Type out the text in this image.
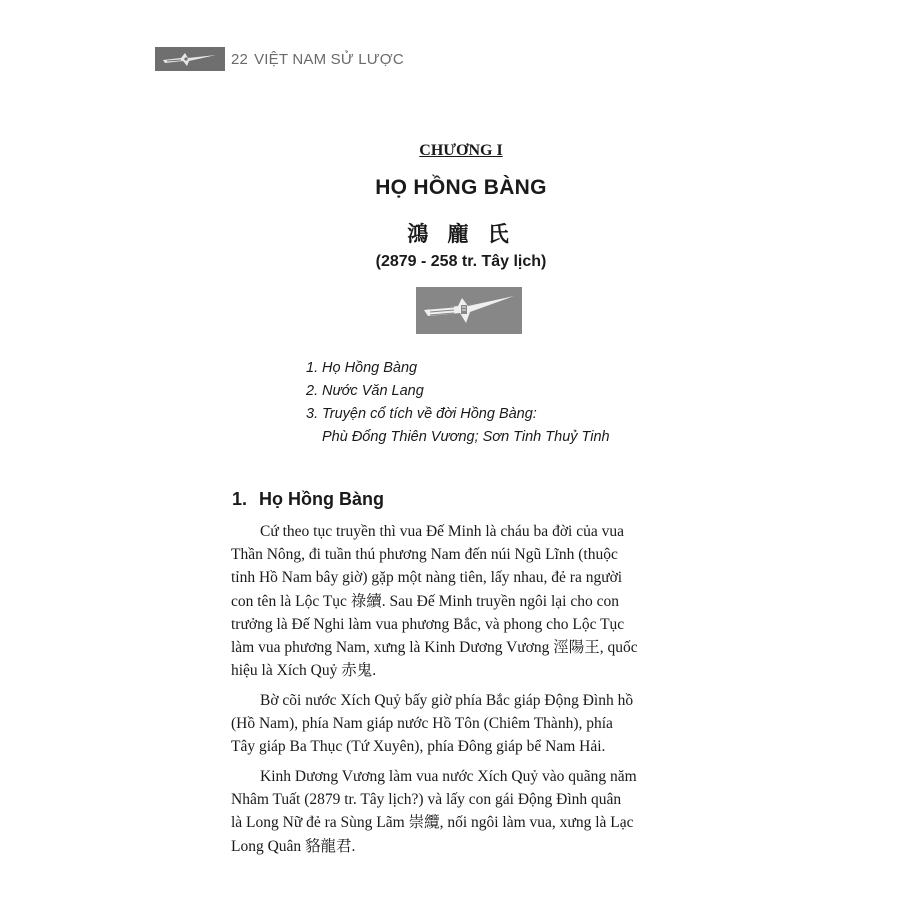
22 VIỆT NAM SỬ LƯỢC
CHƯƠNG I
HỌ HỒNG BÀNG
鴻 龐 氏
(2879 - 258 tr. Tây lịch)
1. Họ Hồng Bàng
2. Nước Văn Lang
3. Truyện cổ tích về đời Hồng Bàng:
Phù Đổng Thiên Vương; Sơn Tinh Thuỷ Tinh
1. Họ Hồng Bàng
Cứ theo tục truyền thì vua Đế Minh là cháu ba đời của vua
Thần Nông, đi tuần thú phương Nam đến núi Ngũ Lĩnh (thuộc
tỉnh Hồ Nam bây giờ) gặp một nàng tiên, lấy nhau, đẻ ra người
con tên là Lộc Tục 祿續. Sau Đế Minh truyền ngôi lại cho con
trưởng là Đế Nghi làm vua phương Bắc, và phong cho Lộc Tục
làm vua phương Nam, xưng là Kinh Dương Vương 涇陽王, quốc
hiệu là Xích Quỷ 赤鬼.
Bờ cõi nước Xích Quỷ bấy giờ phía Bắc giáp Động Đình hồ
(Hồ Nam), phía Nam giáp nước Hồ Tôn (Chiêm Thành), phía
Tây giáp Ba Thục (Tứ Xuyên), phía Đông giáp bể Nam Hải.
Kinh Dương Vương làm vua nước Xích Quỷ vào quãng năm
Nhâm Tuất (2879 tr. Tây lịch?) và lấy con gái Động Đình quân
là Long Nữ đẻ ra Sùng Lãm 崇纜, nối ngôi làm vua, xưng là Lạc
Long Quân 貉龍君.
